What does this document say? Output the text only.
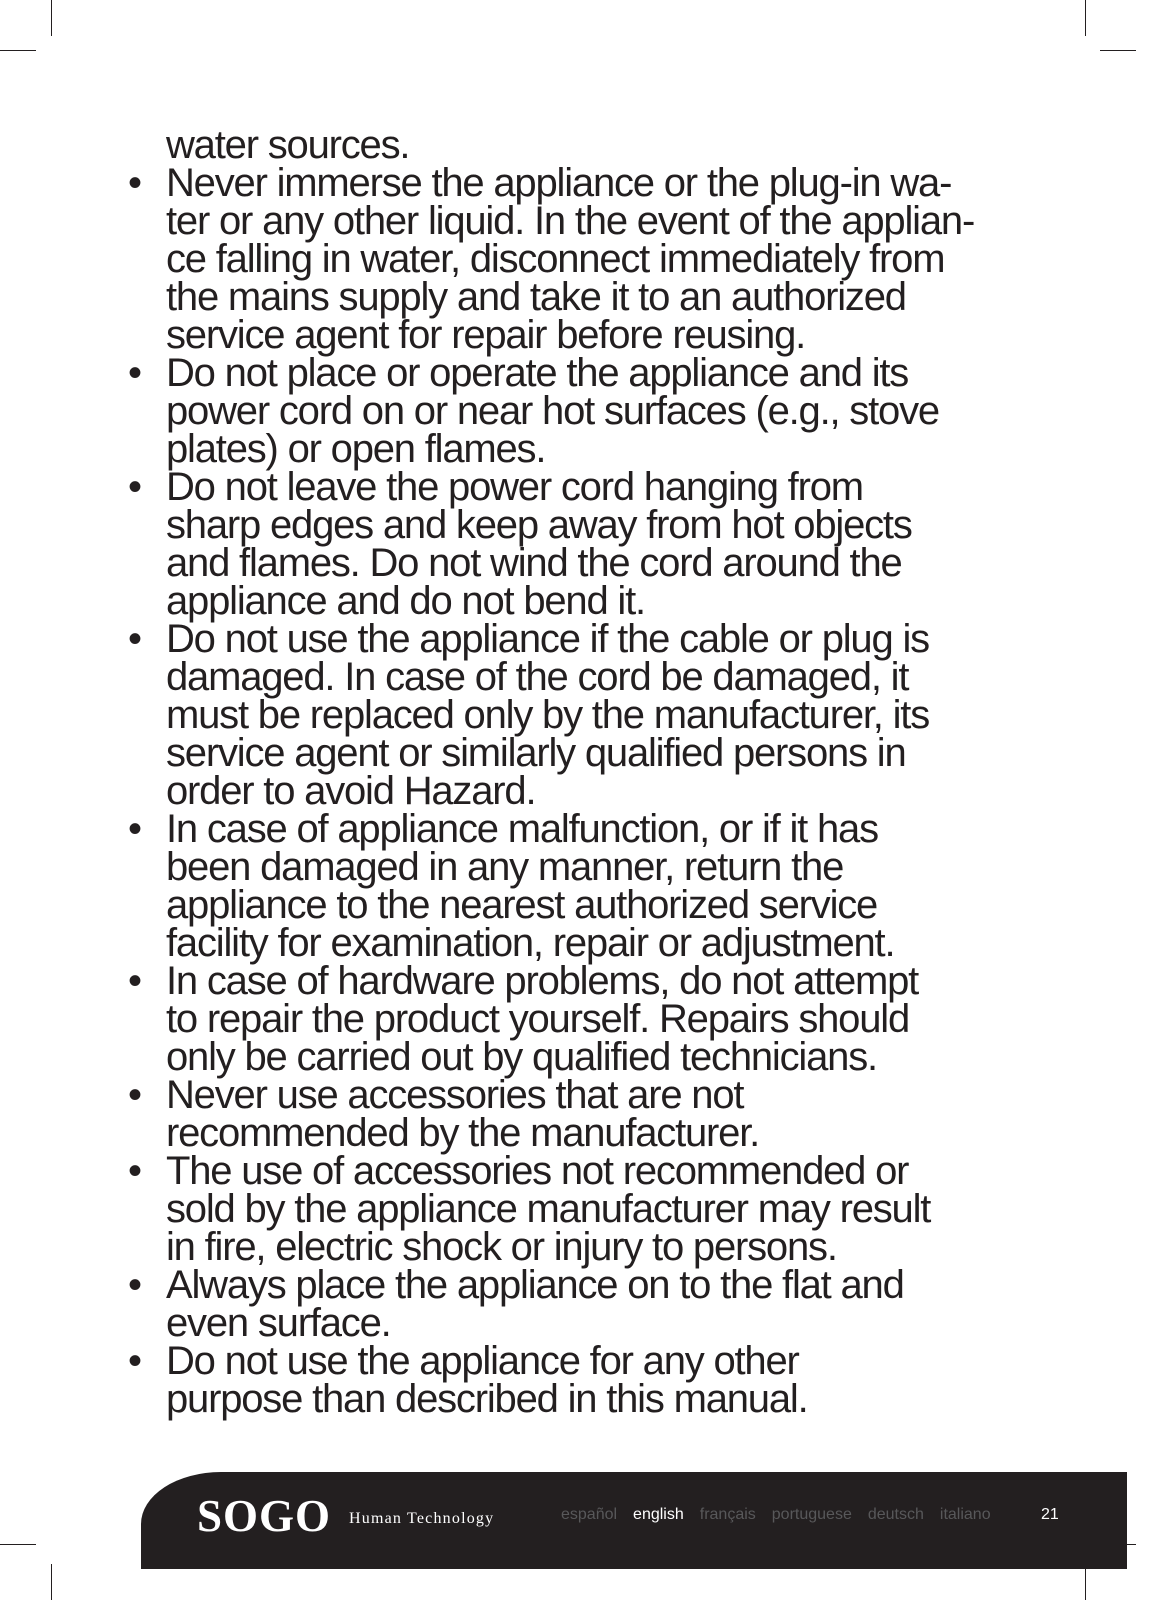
water sources.
• Never immerse the appliance or the plug-in wa-
ter or any other liquid. In the event of the applian-
ce falling in water, disconnect immediately from
the mains supply and take it to an authorized
service agent for repair before reusing.
• Do not place or operate the appliance and its
power cord on or near hot surfaces (e.g., stove
plates) or open flames.
• Do not leave the power cord hanging from
sharp edges and keep away from hot objects
and flames. Do not wind the cord around the
appliance and do not bend it.
• Do not use the appliance if the cable or plug is
damaged. In case of the cord be damaged, it
must be replaced only by the manufacturer, its
service agent or similarly qualified persons in
order to avoid Hazard.
• In case of appliance malfunction, or if it has
been damaged in any manner, return the
appliance to the nearest authorized service
facility for examination, repair or adjustment.
• In case of hardware problems, do not attempt
to repair the product yourself. Repairs should
only be carried out by qualified technicians.
• Never use accessories that are not
recommended by the manufacturer.
• The use of accessories not recommended or
sold by the appliance manufacturer may result
in fire, electric shock or injury to persons.
• Always place the appliance on to the flat and
even surface.
• Do not use the appliance for any other
purpose than described in this manual.
SOGO Human Technology	español english français portuguese deutsch italiano	21
